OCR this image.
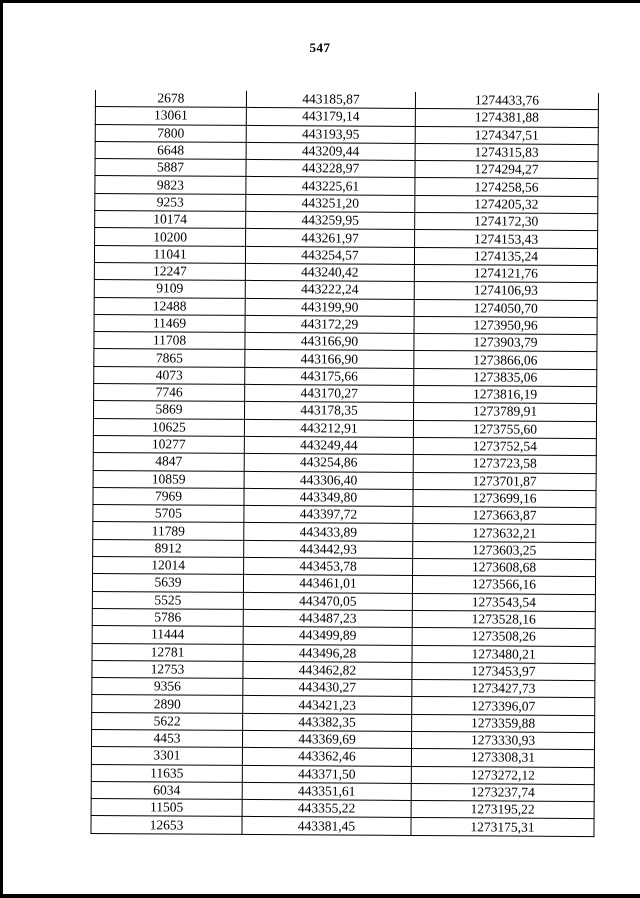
547
2678	443185,87	1274433,76
13061	443179,14	1274381,88
7800	443193,95	1274347,51
6648	443209,44	1274315,83
5887	443228,97	1274294,27
9823	443225,61	1274258,56
9253	443251,20	1274205,32
10174	443259,95	1274172,30
10200	443261,97	1274153,43
11041	443254,57	1274135,24
12247	443240,42	1274121,76
9109	443222,24	1274106,93
12488	443199,90	1274050,70
11469	443172,29	1273950,96
11708	443166,90	1273903,79
7865	443166,90	1273866,06
4073	443175,66	1273835,06
7746	443170,27	1273816,19
5869	443178,35	1273789,91
10625	443212,91	1273755,60
10277	443249,44	1273752,54
4847	443254,86	1273723,58
10859	443306,40	1273701,87
7969	443349,80	1273699,16
5705	443397,72	1273663,87
11789	443433,89	1273632,21
8912	443442,93	1273603,25
12014	443453,78	1273608,68
5639	443461,01	1273566,16
5525	443470,05	1273543,54
5786	443487,23	1273528,16
11444	443499,89	1273508,26
12781	443496,28	1273480,21
12753	443462,82	1273453,97
9356	443430,27	1273427,73
2890	443421,23	1273396,07
5622	443382,35	1273359,88
4453	443369,69	1273330,93
3301	443362,46	1273308,31
11635	443371,50	1273272,12
6034	443351,61	1273237,74
11505	443355,22	1273195,22
12653	443381,45	1273175,31
